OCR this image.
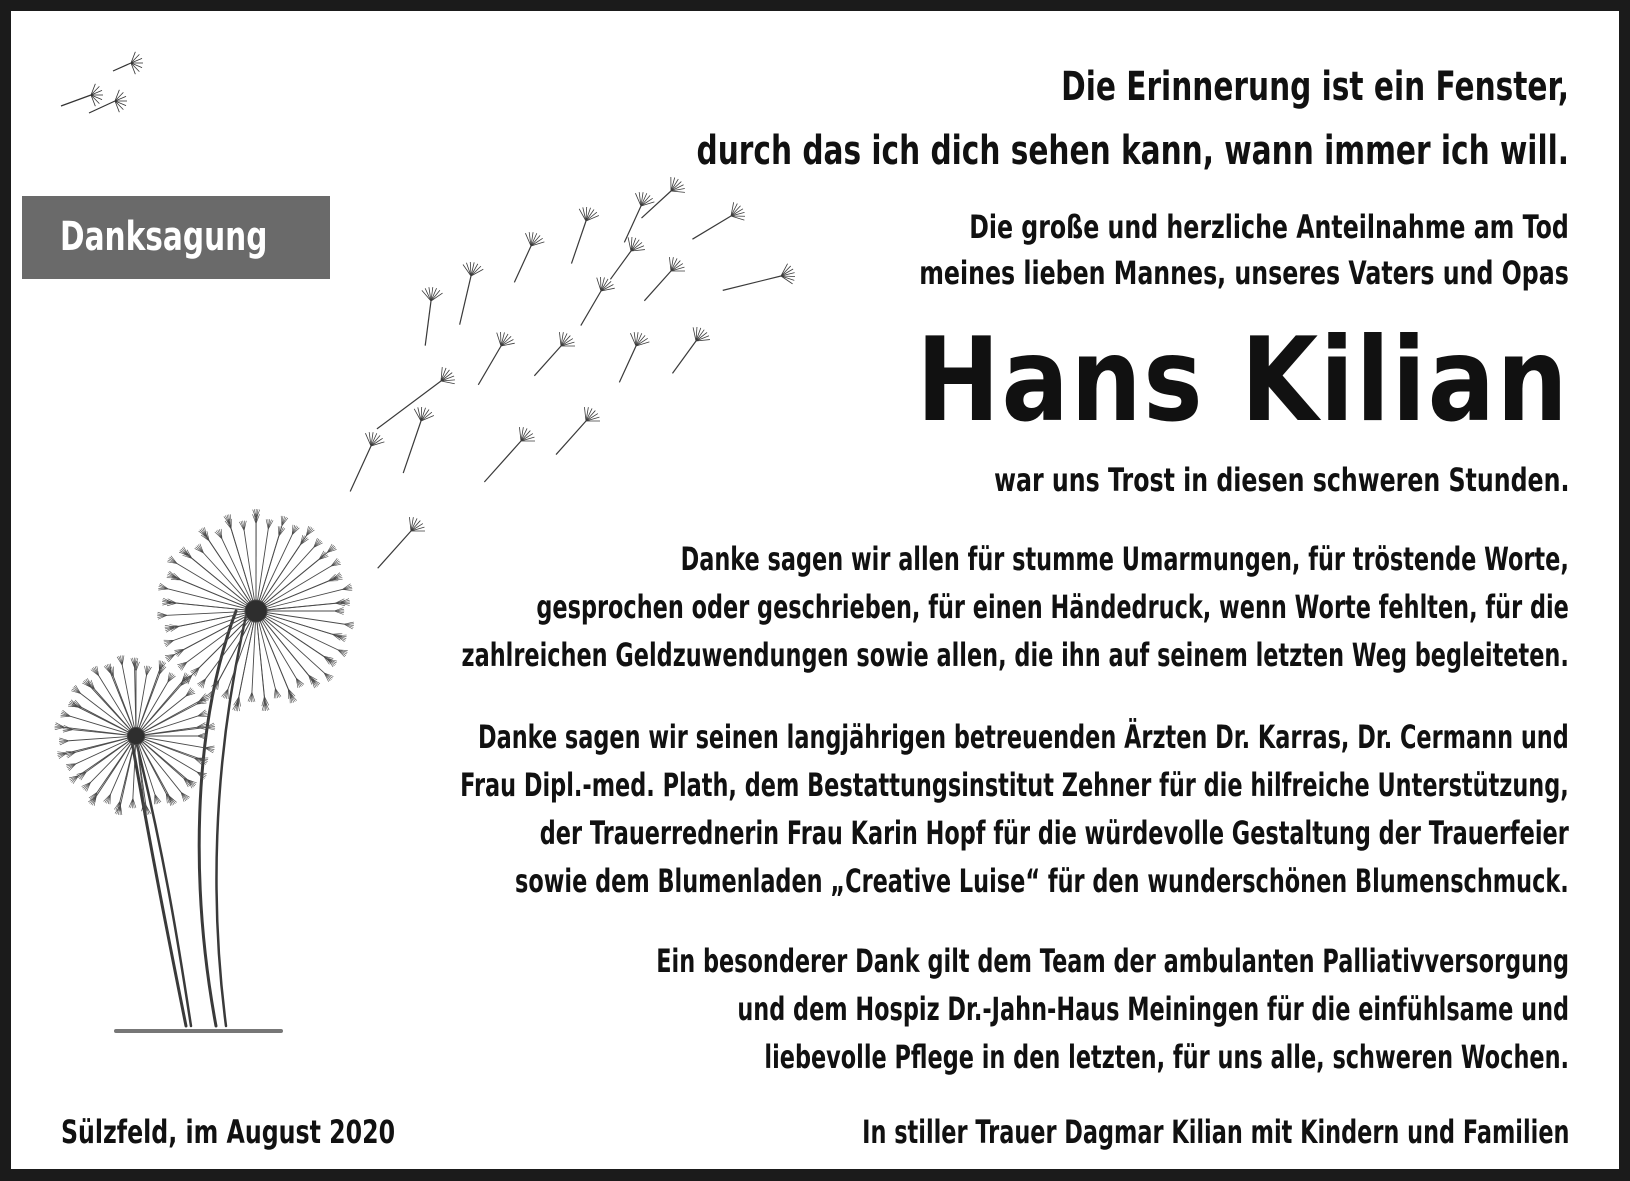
Danksagung
Die Erinnerung ist ein Fenster,
durch das ich dich sehen kann, wann immer ich will.
Die große und herzliche Anteilnahme am Tod
meines lieben Mannes, unseres Vaters und Opas
Hans Kilian
war uns Trost in diesen schweren Stunden.
Danke sagen wir allen für stumme Umarmungen, für tröstende Worte,
gesprochen oder geschrieben, für einen Händedruck, wenn Worte fehlten, für die
zahlreichen Geldzuwendungen sowie allen, die ihn auf seinem letzten Weg begleiteten.
Danke sagen wir seinen langjährigen betreuenden Ärzten Dr. Karras, Dr. Cermann und
Frau Dipl.-med. Plath, dem Bestattungsinstitut Zehner für die hilfreiche Unterstützung,
der Trauerrednerin Frau Karin Hopf für die würdevolle Gestaltung der Trauerfeier
sowie dem Blumenladen „Creative Luise“ für den wunderschönen Blumenschmuck.
Ein besonderer Dank gilt dem Team der ambulanten Palliativversorgung
und dem Hospiz Dr.-Jahn-Haus Meiningen für die einfühlsame und
liebevolle Pflege in den letzten, für uns alle, schweren Wochen.
Sülzfeld, im August 2020	In stiller Trauer Dagmar Kilian mit Kindern und Familien
